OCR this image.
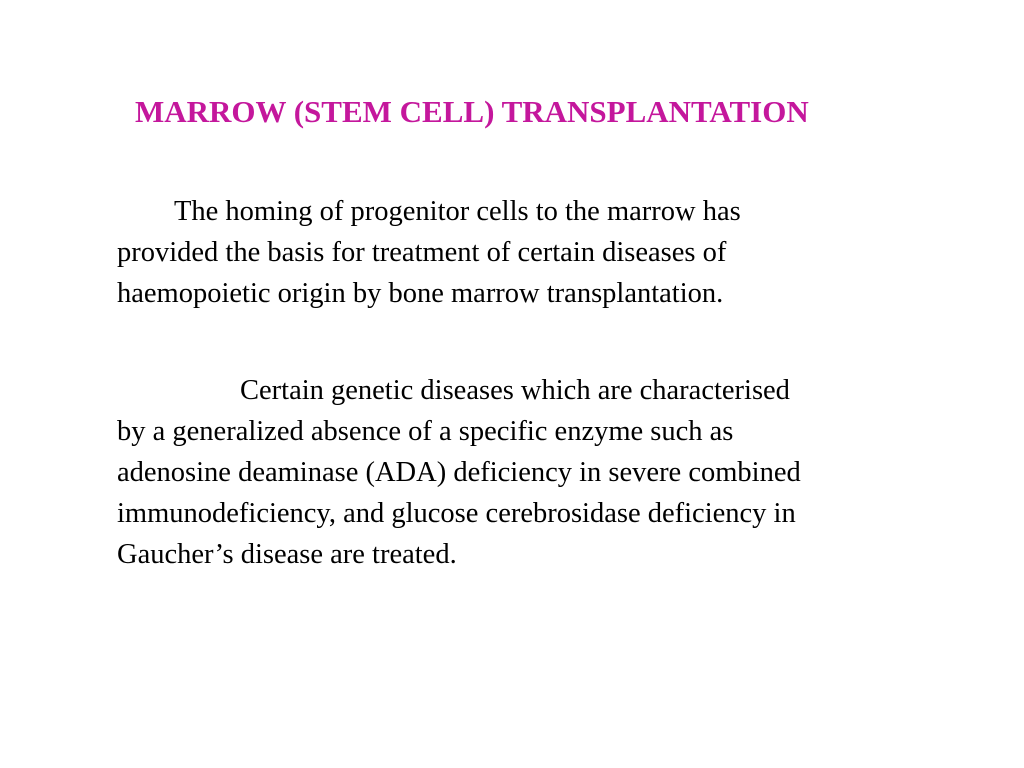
MARROW (STEM CELL) TRANSPLANTATION

The homing of progenitor cells to the marrow has
provided the basis for treatment of certain diseases of
haemopoietic origin by bone marrow transplantation.

Certain genetic diseases which are characterised
by a generalized absence of a specific enzyme such as
adenosine deaminase (ADA) deficiency in severe combined
immunodeficiency, and glucose cerebrosidase deficiency in
Gaucher’s disease are treated.
